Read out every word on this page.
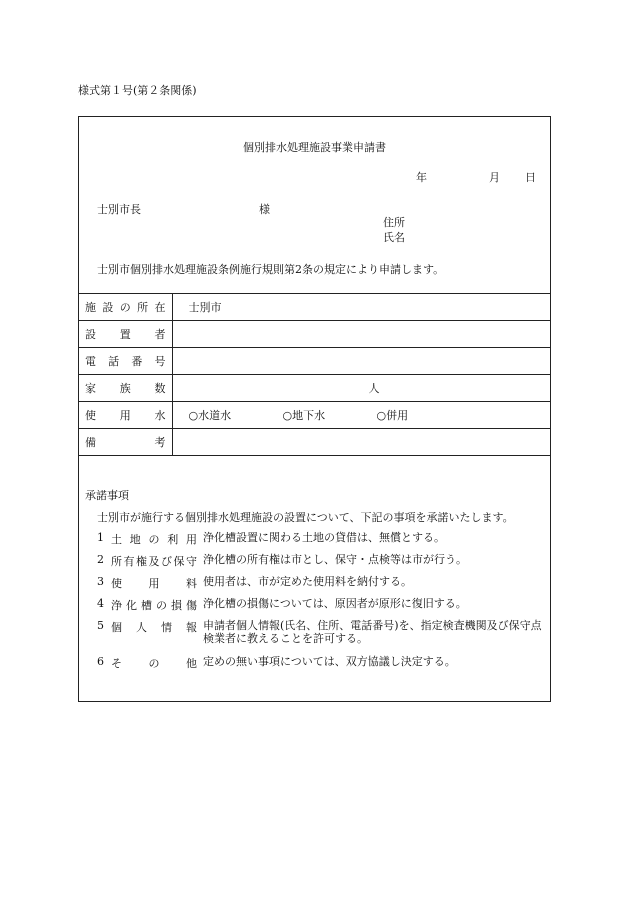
様式第１号(第２条関係)
個別排水処理施設事業申請書
年	月	日
士別市長	様
住所
氏名
士別市個別排水処理施設条例施行規則第2条の規定により申請します。
施 設 の 所 在	士別市

設 置 者	

電 話 番 号	

家 族 数	人

使 用 水	○水道水 ○地下水 ○併用

備 考	

承諾事項
士別市が施行する個別排水処理施設の設置について、下記の事項を承諾いたします。
1 土 地 の 利 用 浄化槽設置に関わる土地の貸借は、無償とする。
2 所 有 権 及 び 保 守 浄化槽の所有権は市とし、保守・点検等は市が行う。
3 使 用 料 使用者は、市が定めた使用料を納付する。
4 浄 化 槽 の 損 傷 浄化槽の損傷については、原因者が原形に復旧する。
5 個 人 情 報 申請者個人情報(氏名、住所、電話番号)を、指定検査機関及び保守点検業者に教えることを許可する。
6 そ の 他 定めの無い事項については、双方協議し決定する。
